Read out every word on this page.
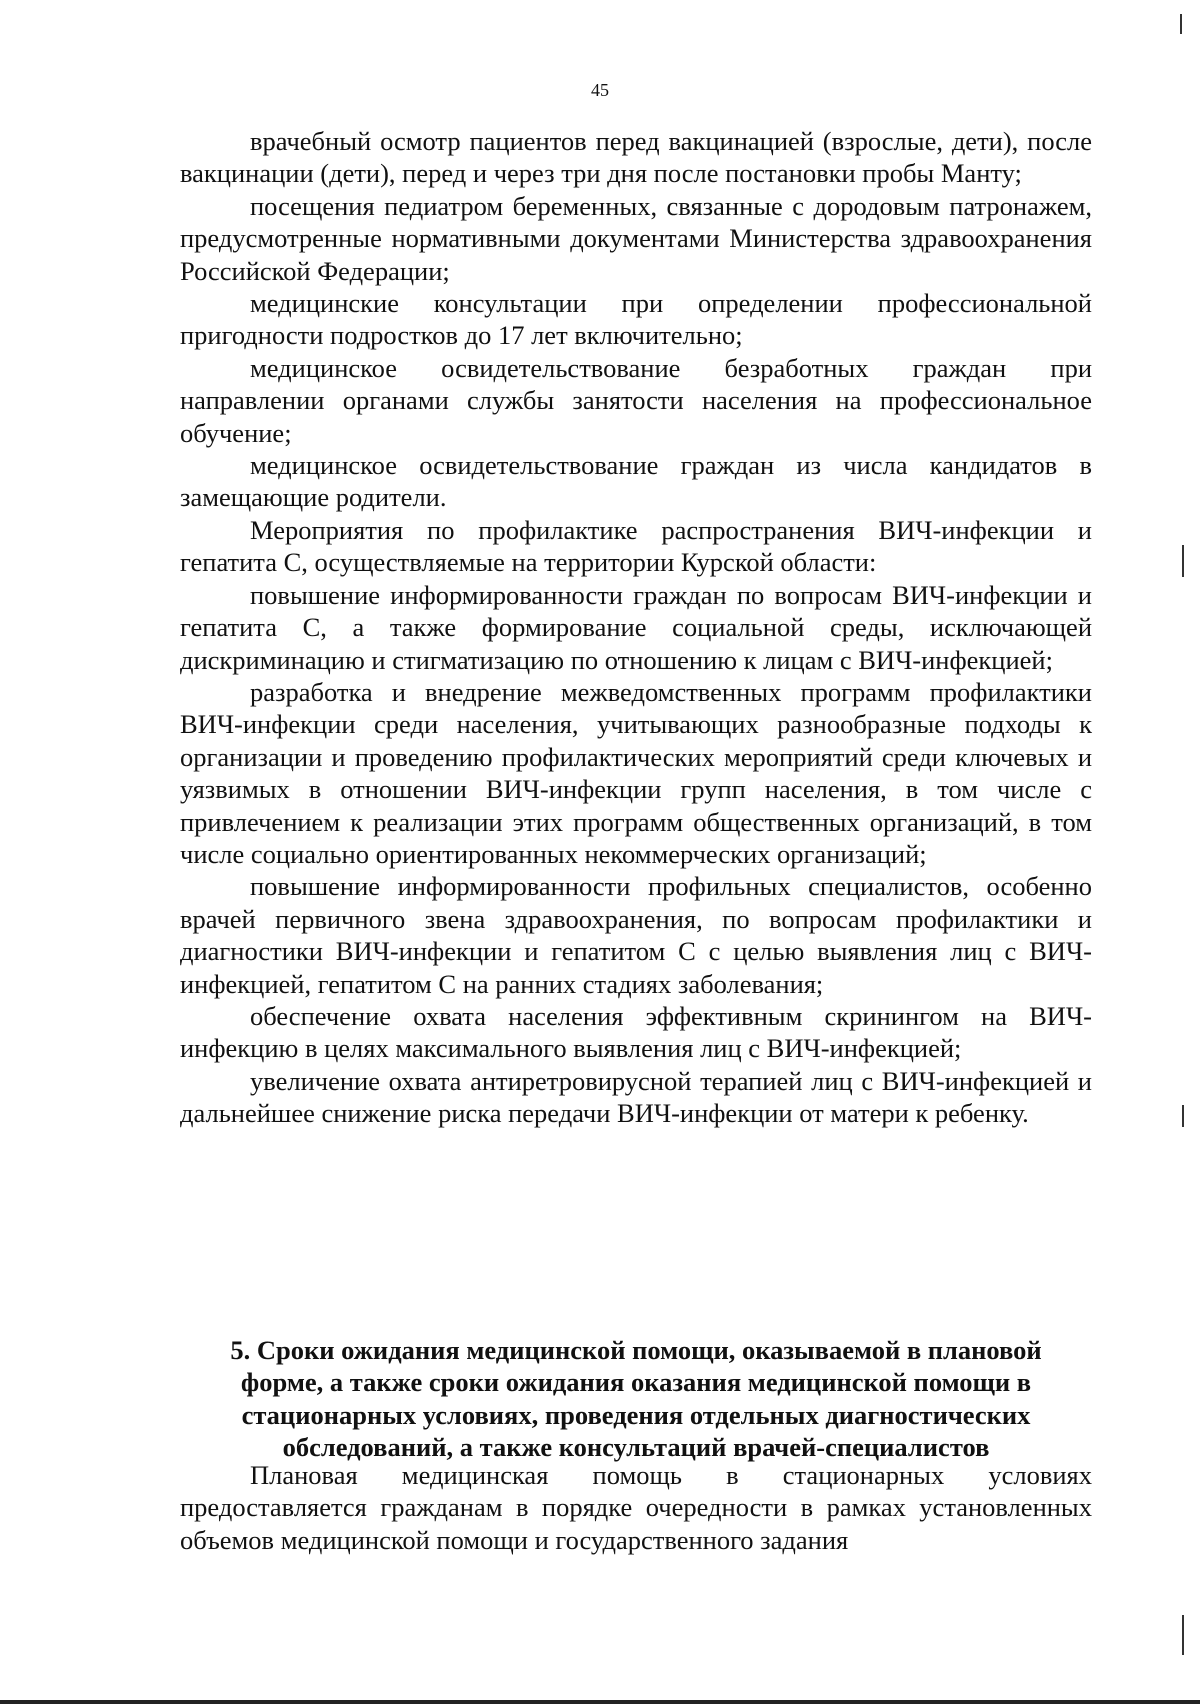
45

врачебный осмотр пациентов перед вакцинацией (взрослые, дети), после вакцинации (дети), перед и через три дня после постановки пробы Манту;

посещения педиатром беременных, связанные с дородовым патронажем, предусмотренные нормативными документами Министерства здравоохранения Российской Федерации;

медицинские консультации при определении профессиональной пригодности подростков до 17 лет включительно;

медицинское освидетельствование безработных граждан при направлении органами службы занятости населения на профессиональное обучение;

медицинское освидетельствование граждан из числа кандидатов в замещающие родители.

Мероприятия по профилактике распространения ВИЧ-инфекции и гепатита С, осуществляемые на территории Курской области:

повышение информированности граждан по вопросам ВИЧ-инфекции и гепатита С, а также формирование социальной среды, исключающей дискриминацию и стигматизацию по отношению к лицам с ВИЧ-инфекцией;

разработка и внедрение межведомственных программ профилактики ВИЧ-инфекции среди населения, учитывающих разнообразные подходы к организации и проведению профилактических мероприятий среди ключевых и уязвимых в отношении ВИЧ-инфекции групп населения, в том числе с привлечением к реализации этих программ общественных организаций, в том числе социально ориентированных некоммерческих организаций;

повышение информированности профильных специалистов, особенно врачей первичного звена здравоохранения, по вопросам профилактики и диагностики ВИЧ-инфекции и гепатитом С с целью выявления лиц с ВИЧ-инфекцией, гепатитом С на ранних стадиях заболевания;

обеспечение охвата населения эффективным скринингом на ВИЧ-инфекцию в целях максимального выявления лиц с ВИЧ-инфекцией;

увеличение охвата антиретровирусной терапией лиц с ВИЧ-инфекцией и дальнейшее снижение риска передачи ВИЧ-инфекции от матери к ребенку.

5. Сроки ожидания медицинской помощи, оказываемой в плановой
форме, а также сроки ожидания оказания медицинской помощи в
стационарных условиях, проведения отдельных диагностических
обследований, а также консультаций врачей-специалистов

Плановая медицинская помощь в стационарных условиях предоставляется гражданам в порядке очередности в рамках установленных объемов медицинской помощи и государственного задания
